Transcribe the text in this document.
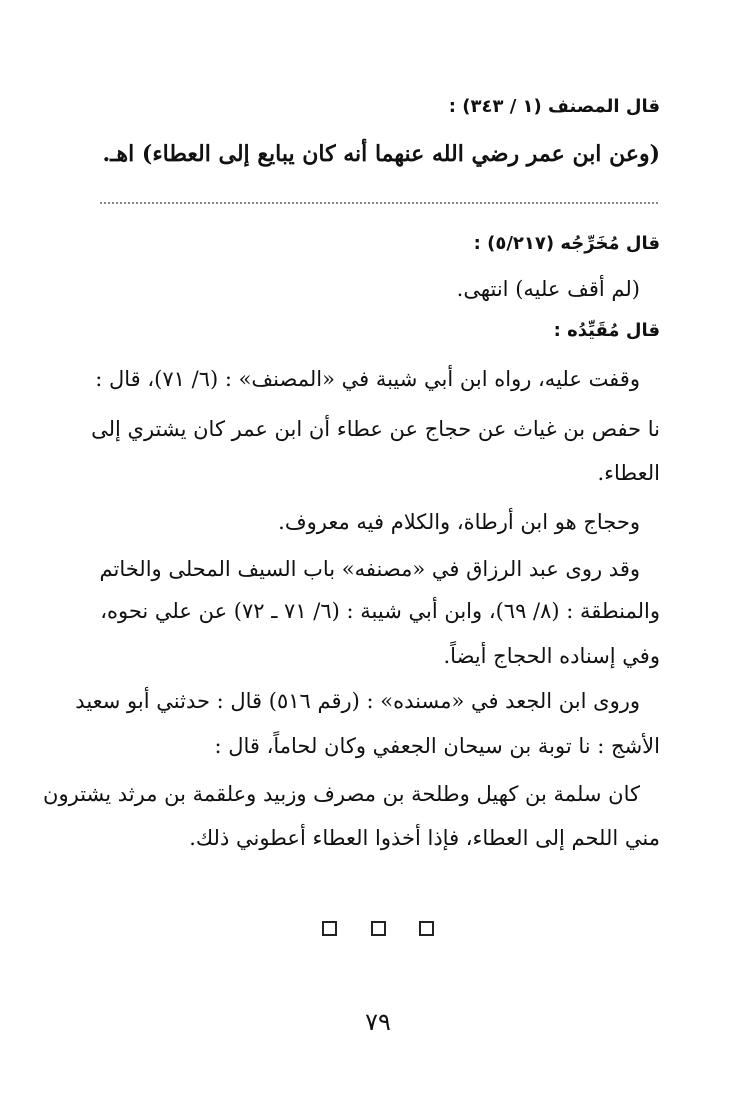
قال المصنف (١ / ٣٤٣) :
(وعن ابن عمر رضي الله عنهما أنه كان يبايع إلى العطاء) اهـ.
قال مُخَرِّجُه (٥/٢١٧) :
(لم أقف عليه) انتهى.
قال مُقَيِّدُه :
وقفت عليه، رواه ابن أبي شيبة في «المصنف» : (٦/ ٧١)، قال :
نا حفص بن غياث عن حجاج عن عطاء أن ابن عمر كان يشتري إلى
العطاء.
وحجاج هو ابن أرطاة، والكلام فيه معروف.
وقد روى عبد الرزاق في «مصنفه» باب السيف المحلى والخاتم
والمنطقة : (٨/ ٦٩)، وابن أبي شيبة : (٦/ ٧١ ـ ٧٢) عن علي نحوه،
وفي إسناده الحجاج أيضاً.
وروى ابن الجعد في «مسنده» : (رقم ٥١٦) قال : حدثني أبو سعيد
الأشج : نا توبة بن سيحان الجعفي وكان لحاماً، قال :
كان سلمة بن كهيل وطلحة بن مصرف وزبيد وعلقمة بن مرثد يشترون
مني اللحم إلى العطاء، فإذا أخذوا العطاء أعطوني ذلك.

٧٩
